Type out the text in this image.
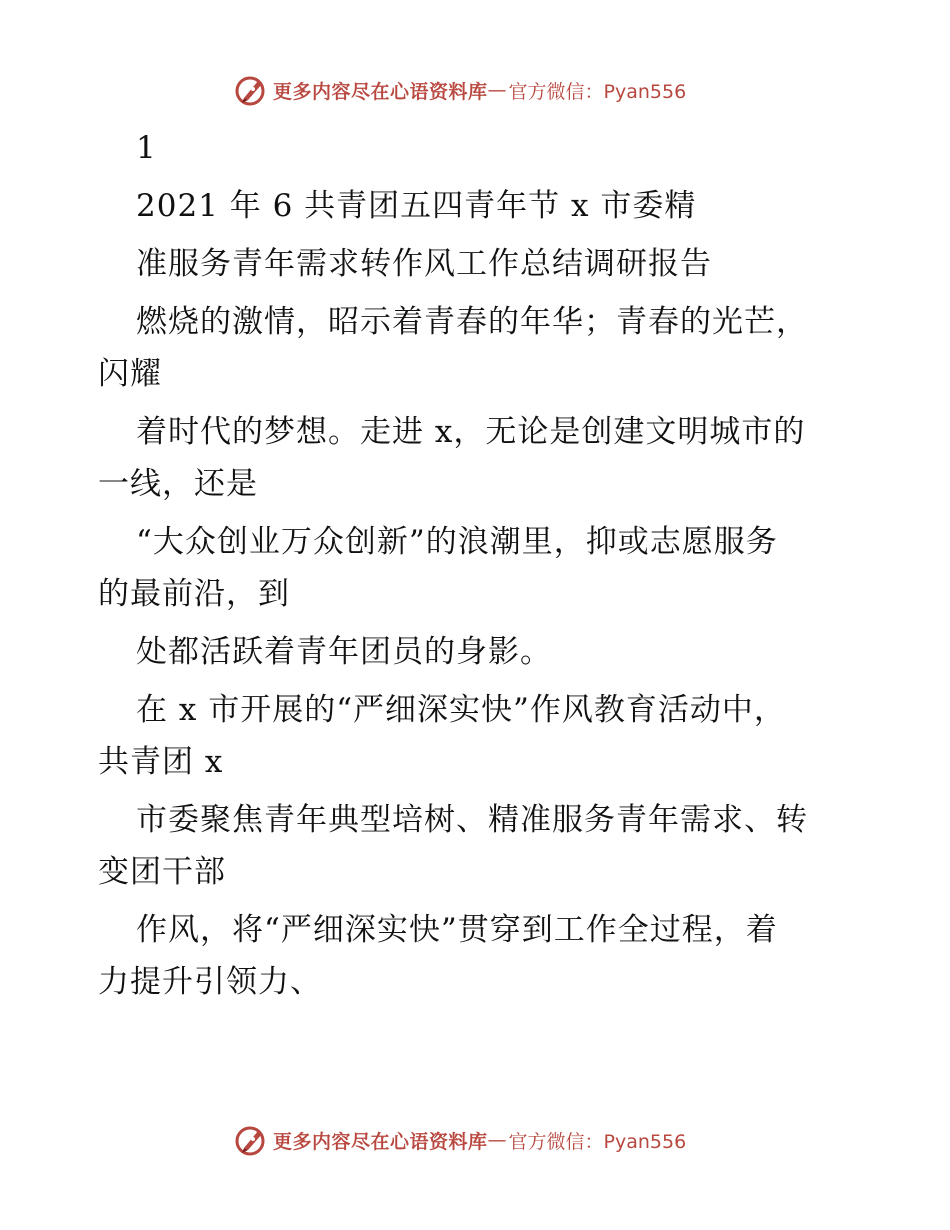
更多内容尽在心语资料库 — 官方微信：Pyan556
1
2021 年 6 共青团五四青年节 x 市委精
准服务青年需求转作风工作总结调研报告
燃烧的激情，昭示着青春的年华；青春的光芒，
闪耀
着时代的梦想。走进 x，无论是创建文明城市的
一线，还是
“大众创业万众创新”的浪潮里，抑或志愿服务
的最前沿，到
处都活跃着青年团员的身影。
在 x 市开展的“严细深实快”作风教育活动中，
共青团 x
市委聚焦青年典型培树、精准服务青年需求、转
变团干部
作风，将“严细深实快”贯穿到工作全过程，着
力提升引领力、
更多内容尽在心语资料库 — 官方微信：Pyan556
